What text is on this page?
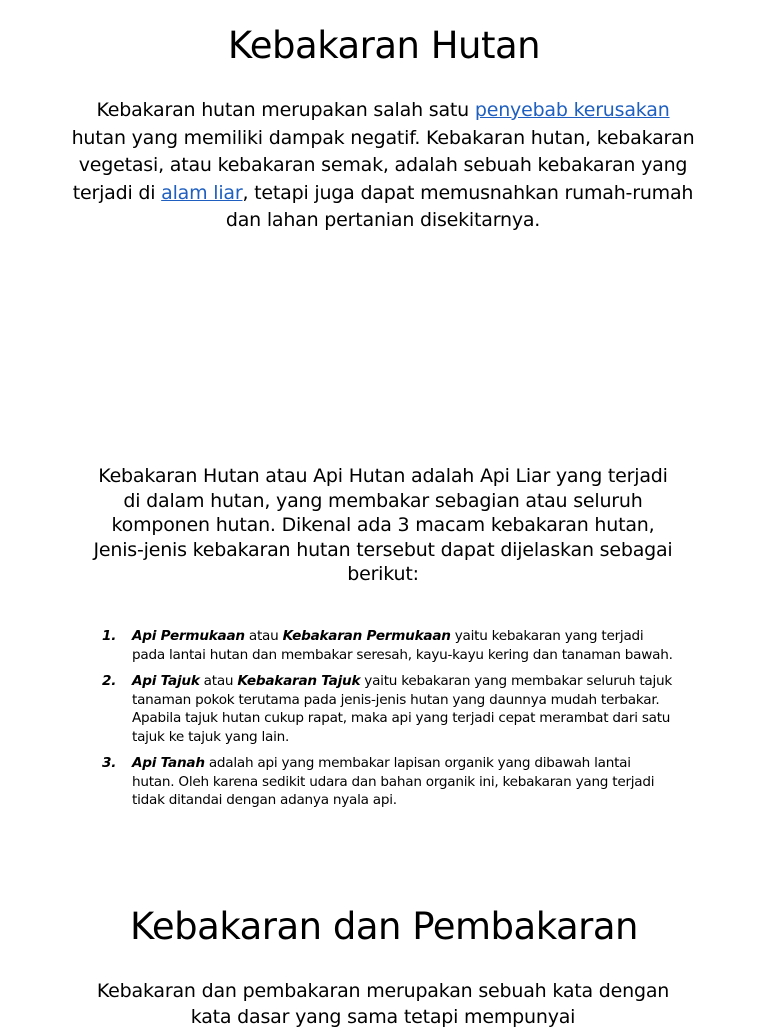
Kebakaran Hutan

Kebakaran hutan merupakan salah satu penyebab kerusakan hutan yang memiliki dampak negatif. Kebakaran hutan, kebakaran vegetasi, atau kebakaran semak, adalah sebuah kebakaran yang terjadi di alam liar, tetapi juga dapat memusnahkan rumah-rumah dan lahan pertanian disekitarnya.

Kebakaran Hutan atau Api Hutan adalah Api Liar yang terjadi di dalam hutan, yang membakar sebagian atau seluruh komponen hutan. Dikenal ada 3 macam kebakaran hutan, Jenis-jenis kebakaran hutan tersebut dapat dijelaskan sebagai berikut:

1. Api Permukaan atau Kebakaran Permukaan yaitu kebakaran yang terjadi pada lantai hutan dan membakar seresah, kayu-kayu kering dan tanaman bawah.
2. Api Tajuk atau Kebakaran Tajuk yaitu kebakaran yang membakar seluruh tajuk tanaman pokok terutama pada jenis-jenis hutan yang daunnya mudah terbakar. Apabila tajuk hutan cukup rapat, maka api yang terjadi cepat merambat dari satu tajuk ke tajuk yang lain.
3. Api Tanah adalah api yang membakar lapisan organik yang dibawah lantai hutan. Oleh karena sedikit udara dan bahan organik ini, kebakaran yang terjadi tidak ditandai dengan adanya nyala api.
Kebakaran dan Pembakaran

Kebakaran dan pembakaran merupakan sebuah kata dengan kata dasar yang sama tetapi mempunyai
